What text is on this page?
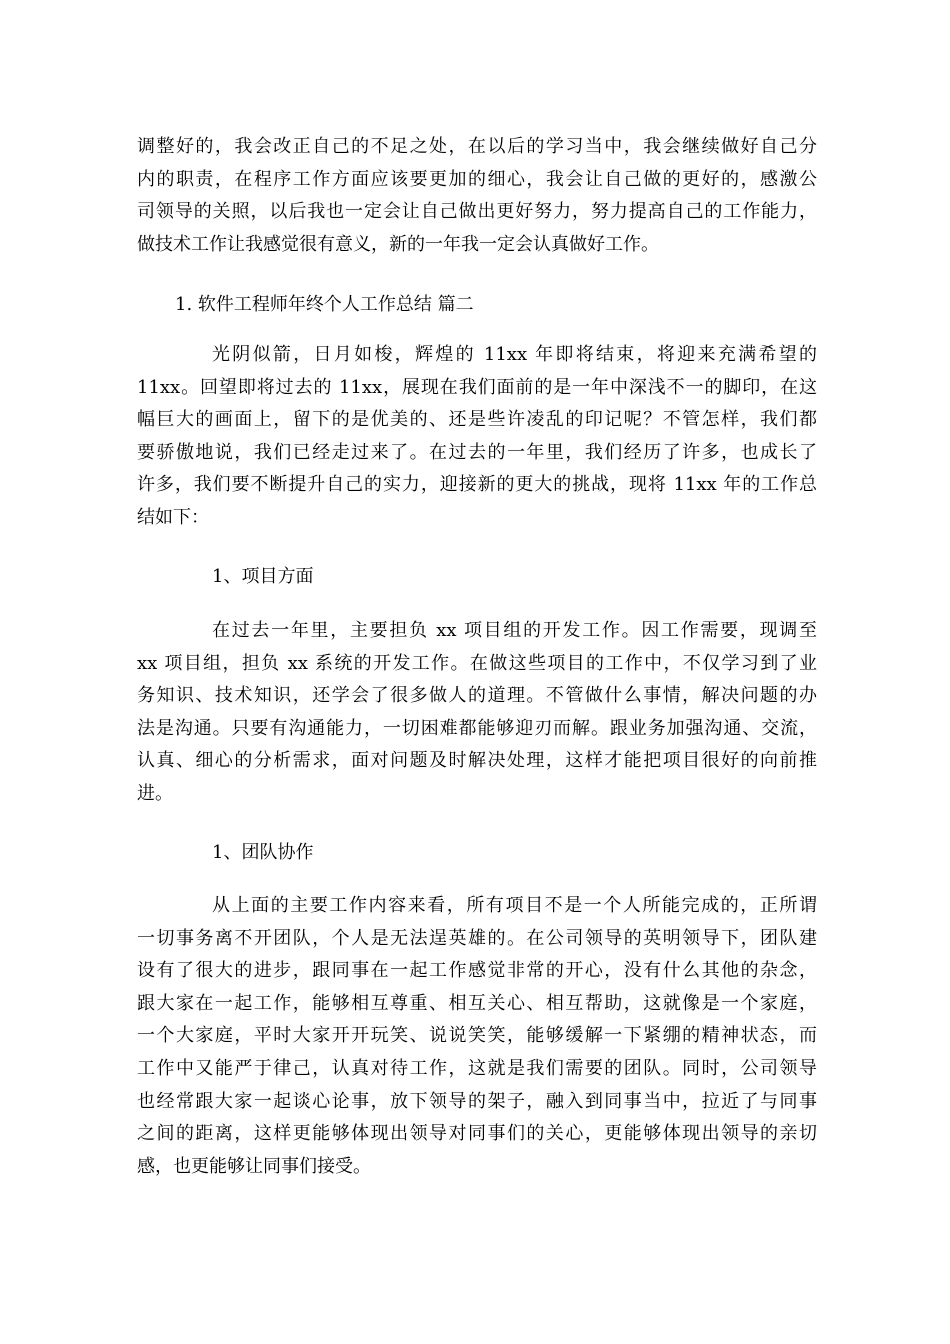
调整好的，我会改正自己的不足之处，在以后的学习当中，我会继续做好自己分
内的职责，在程序工作方面应该要更加的细心，我会让自己做的更好的，感激公
司领导的关照，以后我也一定会让自己做出更好努力，努力提高自己的工作能力，
做技术工作让我感觉很有意义，新的一年我一定会认真做好工作。
1. 软件工程师年终个人工作总结 篇二
光阴似箭，日月如梭，辉煌的 11xx 年即将结束，将迎来充满希望的
11xx。回望即将过去的 11xx，展现在我们面前的是一年中深浅不一的脚印，在这
幅巨大的画面上，留下的是优美的、还是些许凌乱的印记呢？不管怎样，我们都
要骄傲地说，我们已经走过来了。在过去的一年里，我们经历了许多，也成长了
许多，我们要不断提升自己的实力，迎接新的更大的挑战，现将 11xx 年的工作总
结如下：
1、项目方面
在过去一年里，主要担负 xx 项目组的开发工作。因工作需要，现调至
xx 项目组，担负 xx 系统的开发工作。在做这些项目的工作中，不仅学习到了业
务知识、技术知识，还学会了很多做人的道理。不管做什么事情，解决问题的办
法是沟通。只要有沟通能力，一切困难都能够迎刃而解。跟业务加强沟通、交流，
认真、细心的分析需求，面对问题及时解决处理，这样才能把项目很好的向前推
进。
1、团队协作
从上面的主要工作内容来看，所有项目不是一个人所能完成的，正所谓
一切事务离不开团队，个人是无法逞英雄的。在公司领导的英明领导下，团队建
设有了很大的进步，跟同事在一起工作感觉非常的开心，没有什么其他的杂念，
跟大家在一起工作，能够相互尊重、相互关心、相互帮助，这就像是一个家庭，
一个大家庭，平时大家开开玩笑、说说笑笑，能够缓解一下紧绷的精神状态，而
工作中又能严于律己，认真对待工作，这就是我们需要的团队。同时，公司领导
也经常跟大家一起谈心论事，放下领导的架子，融入到同事当中，拉近了与同事
之间的距离，这样更能够体现出领导对同事们的关心，更能够体现出领导的亲切
感，也更能够让同事们接受。
